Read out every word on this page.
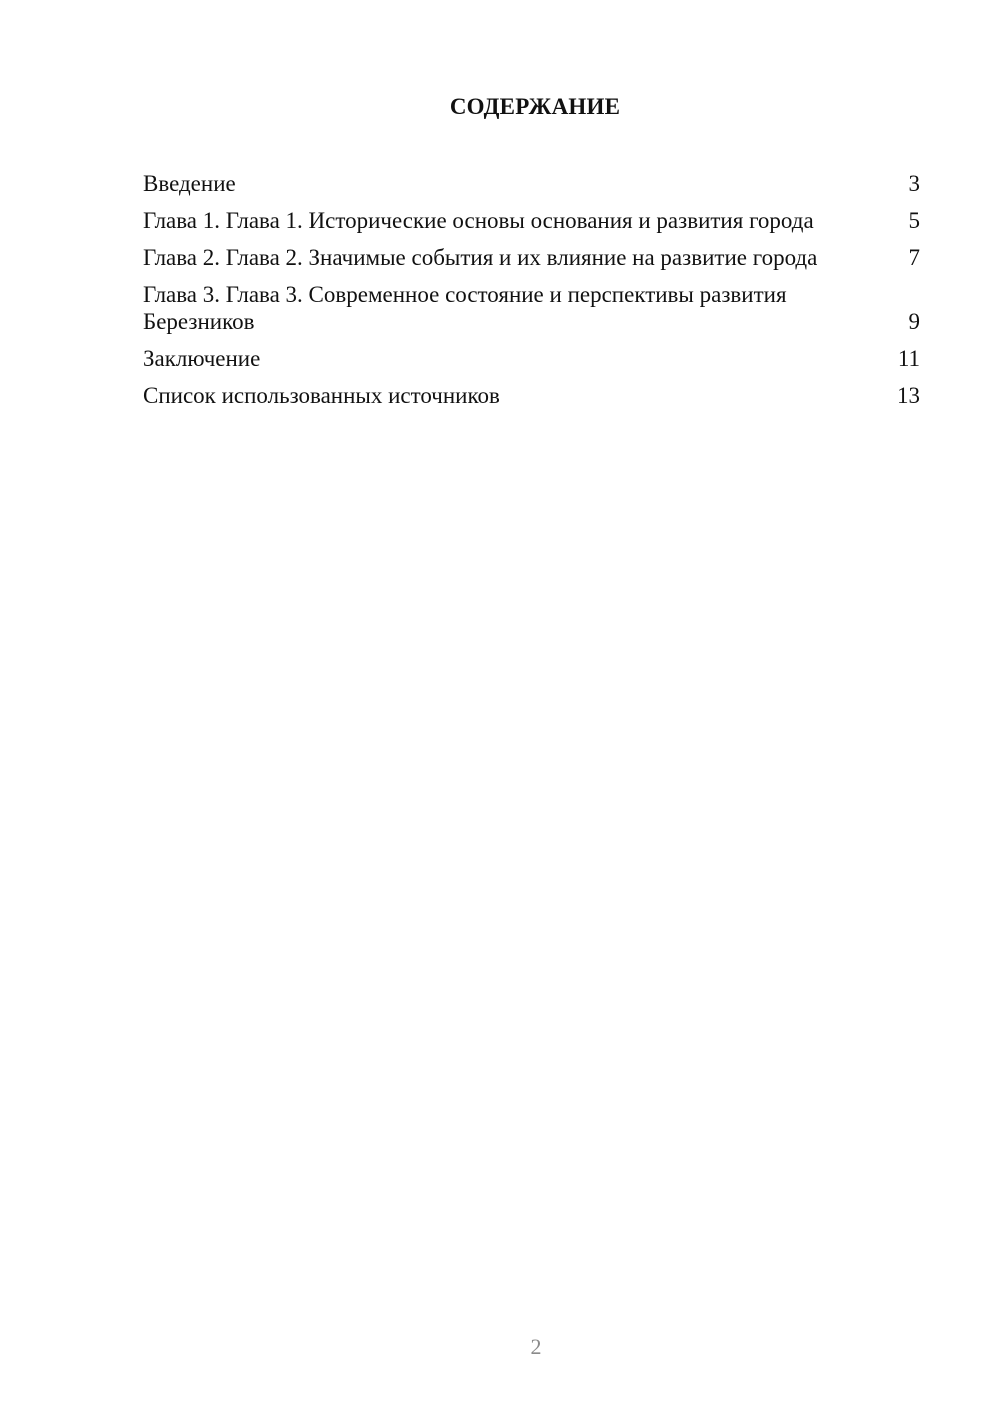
СОДЕРЖАНИЕ
Введение	3
Глава 1. Глава 1. Исторические основы основания и развития города	5
Глава 2. Глава 2. Значимые события и их влияние на развитие города	7
Глава 3. Глава 3. Современное состояние и перспективы развития Березников	9
Заключение	11
Список использованных источников	13
2
